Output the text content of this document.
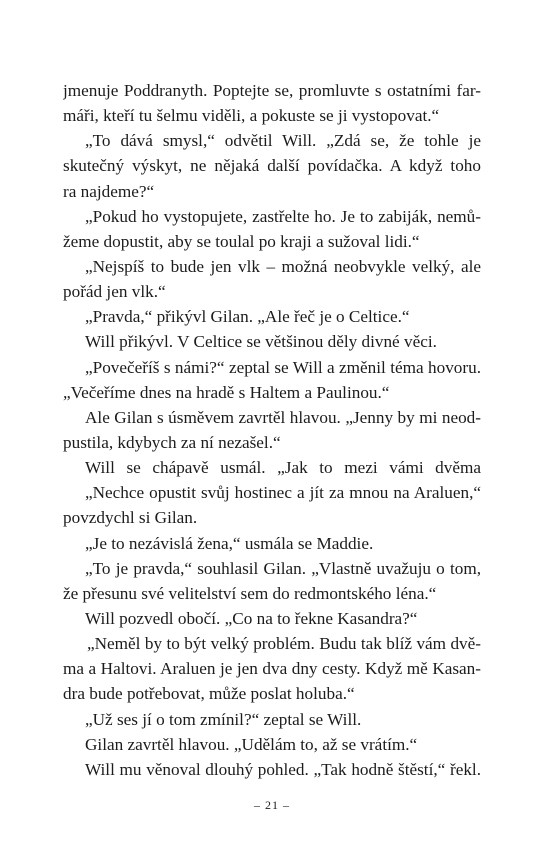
jmenuje Poddranyth. Poptejte se, promluvte s ostatními far-
máři, kteří tu šelmu viděli, a pokuste se ji vystopovat.“
„To dává smysl,“ odvětil Will. „Zdá se, že tohle je
skutečný výskyt, ne nějaká další povídačka. A když toho
ra najdeme?“
„Pokud ho vystopujete, zastřelte ho. Je to zabiják, nemů-
žeme dopustit, aby se toulal po kraji a sužoval lidi.“
„Nejspíš to bude jen vlk – možná neobvykle velký, ale
pořád jen vlk.“
„Pravda,“ přikývl Gilan. „Ale řeč je o Celtice.“
Will přikývl. V Celtice se většinou děly divné věci.
„Povečeříš s námi?“ zeptal se Will a změnil téma hovoru.
„Večeříme dnes na hradě s Haltem a Paulinou.“
Ale Gilan s úsměvem zavrtěl hlavou. „Jenny by mi neod-
pustila, kdybych za ní nezašel.“
Will se chápavě usmál. „Jak to mezi vámi dvěma
„Nechce opustit svůj hostinec a jít za mnou na Araluen,“
povzdychl si Gilan.
„Je to nezávislá žena,“ usmála se Maddie.
„To je pravda,“ souhlasil Gilan. „Vlastně uvažuju o tom,
že přesunu své velitelství sem do redmontského léna.“
Will pozvedl obočí. „Co na to řekne Kasandra?“
„Neměl by to být velký problém. Budu tak blíž vám dvě-
ma a Haltovi. Araluen je jen dva dny cesty. Když mě Kasan-
dra bude potřebovat, může poslat holuba.“
„Už ses jí o tom zmínil?“ zeptal se Will.
Gilan zavrtěl hlavou. „Udělám to, až se vrátím.“
Will mu věnoval dlouhý pohled. „Tak hodně štěstí,“ řekl.
– 21 –
